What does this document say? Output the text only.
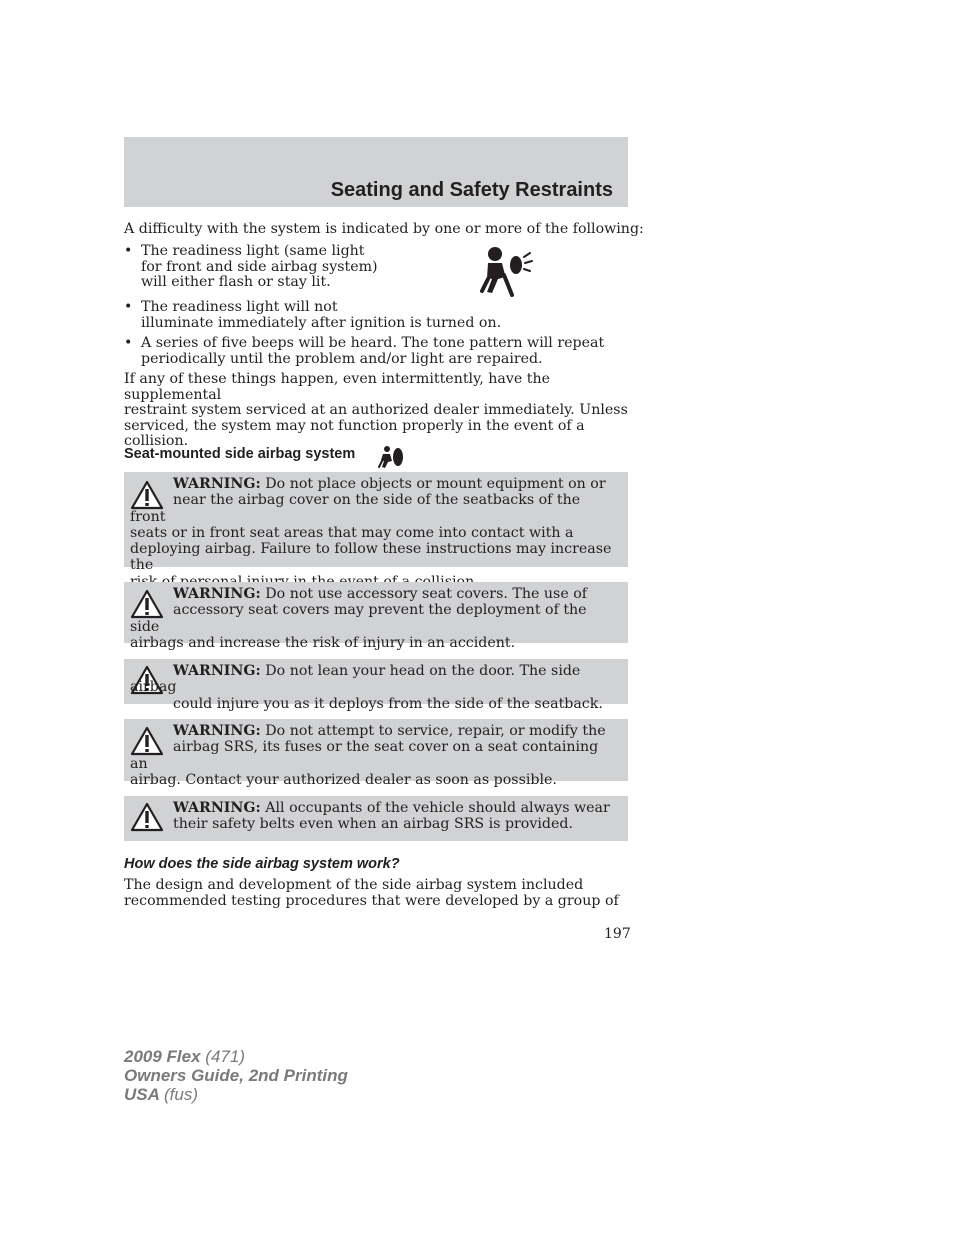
Seating and Safety Restraints
A difficulty with the system is indicated by one or more of the following:
• The readiness light (same light
for front and side airbag system)
will either flash or stay lit.
• The readiness light will not
illuminate immediately after ignition is turned on.
• A series of five beeps will be heard. The tone pattern will repeat
periodically until the problem and/or light are repaired.
If any of these things happen, even intermittently, have the supplemental
restraint system serviced at an authorized dealer immediately. Unless
serviced, the system may not function properly in the event of a
collision.
Seat-mounted side airbag system
WARNING: Do not place objects or mount equipment on or
near the airbag cover on the side of the seatbacks of the front
seats or in front seat areas that may come into contact with a
deploying airbag. Failure to follow these instructions may increase the
WARNING: Do not use accessory seat covers. The use of
accessory seat covers may prevent the deployment of the side
airbags and increase the risk of injury in an accident.
WARNING: Do not lean your head on the door. The side airbag
could injure you as it deploys from the side of the seatback.
WARNING: Do not attempt to service, repair, or modify the
airbag SRS, its fuses or the seat cover on a seat containing an
airbag. Contact your authorized dealer as soon as possible.
WARNING: All occupants of the vehicle should always wear
their safety belts even when an airbag SRS is provided.
How does the side airbag system work?
The design and development of the side airbag system included
recommended testing procedures that were developed by a group of
197
2009 Flex (471)
Owners Guide, 2nd Printing
USA (fus)
